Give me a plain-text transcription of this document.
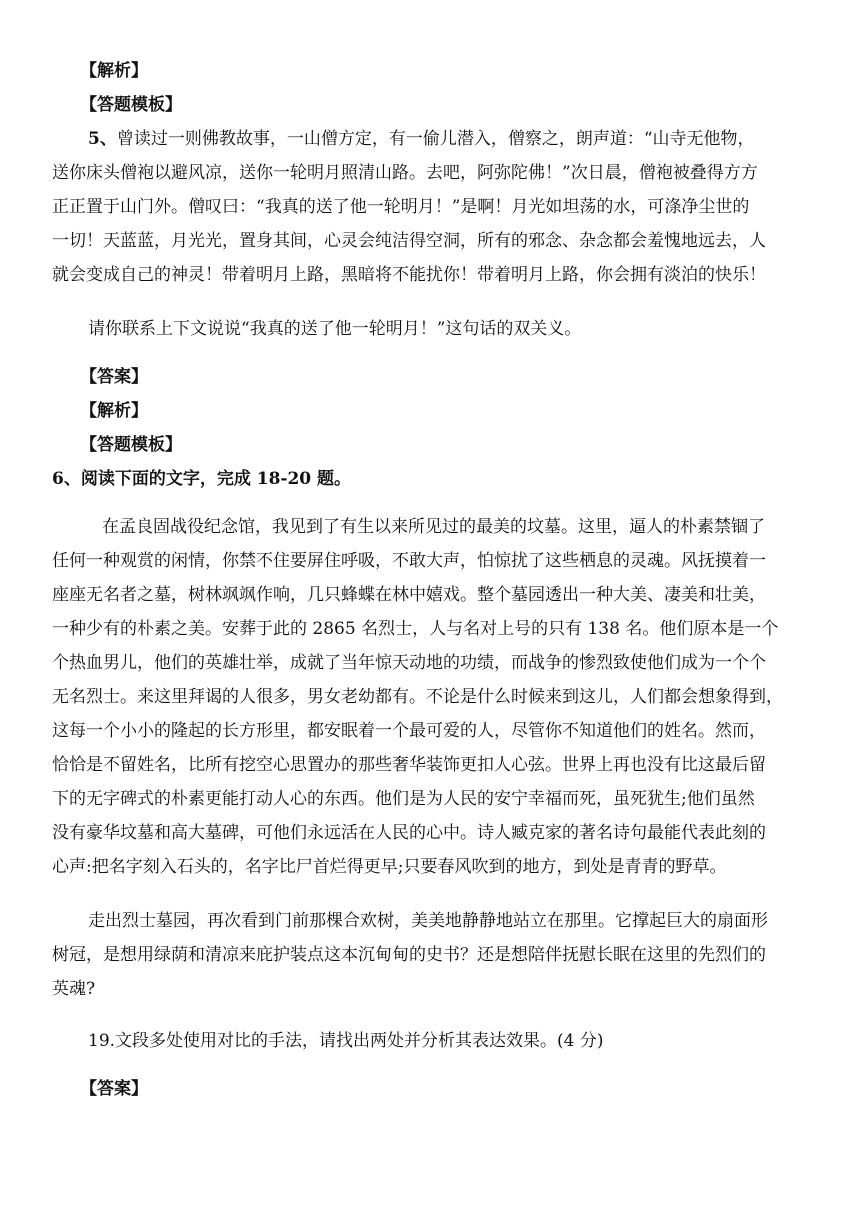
【解析】
【答题模板】
5、曾读过一则佛教故事，一山僧方定，有一偷儿潜入，僧察之，朗声道：“山寺无他物，
送你床头僧袍以避风凉，送你一轮明月照清山路。去吧，阿弥陀佛！”次日晨，僧袍被叠得方方
正正置于山门外。僧叹曰：“我真的送了他一轮明月！”是啊！月光如坦荡的水，可涤净尘世的
一切！天蓝蓝，月光光，置身其间，心灵会纯洁得空洞，所有的邪念、杂念都会羞愧地远去，人
就会变成自己的神灵！带着明月上路，黑暗将不能扰你！带着明月上路，你会拥有淡泊的快乐！
请你联系上下文说说“我真的送了他一轮明月！”这句话的双关义。
【答案】
【解析】
【答题模板】
6、阅读下面的文字，完成 18-20 题。
在孟良固战役纪念馆，我见到了有生以来所见过的最美的坟墓。这里，逼人的朴素禁锢了
任何一种观赏的闲情，你禁不住要屏住呼吸，不敢大声，怕惊扰了这些栖息的灵魂。风抚摸着一
座座无名者之墓，树林飒飒作响，几只蜂蝶在林中嬉戏。整个墓园透出一种大美、凄美和壮美，
一种少有的朴素之美。安葬于此的 2865 名烈士，人与名对上号的只有 138 名。他们原本是一个
个热血男儿，他们的英雄壮举，成就了当年惊天动地的功绩，而战争的惨烈致使他们成为一个个
无名烈士。来这里拜谒的人很多，男女老幼都有。不论是什么时候来到这儿，人们都会想象得到，
这每一个小小的隆起的长方形里，都安眠着一个最可爱的人，尽管你不知道他们的姓名。然而，
恰恰是不留姓名，比所有挖空心思置办的那些奢华装饰更扣人心弦。世界上再也没有比这最后留
下的无字碑式的朴素更能打动人心的东西。他们是为人民的安宁幸福而死，虽死犹生;他们虽然
没有豪华坟墓和高大墓碑，可他们永远活在人民的心中。诗人臧克家的著名诗句最能代表此刻的
心声:把名字刻入石头的，名字比尸首烂得更早;只要春风吹到的地方，到处是青青的野草。
走出烈士墓园，再次看到门前那棵合欢树，美美地静静地站立在那里。它撑起巨大的扇面形
树冠，是想用绿荫和清凉来庇护装点这本沉甸甸的史书？还是想陪伴抚慰长眠在这里的先烈们的
英魂?
19.文段多处使用对比的手法，请找出两处并分析其表达效果。(4 分)
【答案】
